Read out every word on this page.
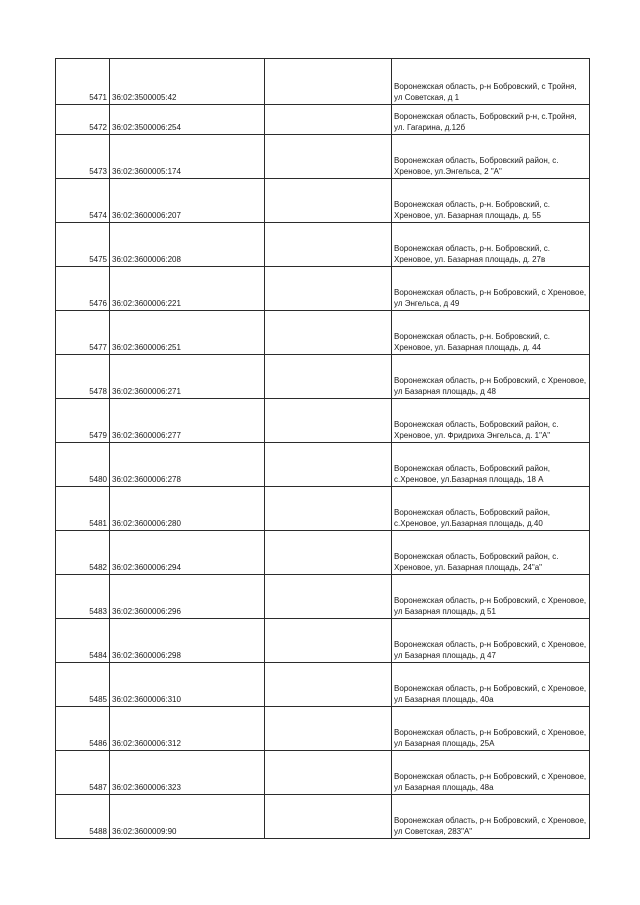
5471	36:02:3500005:42		Воронежская область, р-н Бобровский, с Тройня, ул Советская, д 1
5472	36:02:3500006:254		Воронежская область, Бобровский р-н, с.Тройня, ул. Гагарина, д.12б
5473	36:02:3600005:174		Воронежская область, Бобровский район, с. Хреновое, ул.Энгельса, 2 "А"
5474	36:02:3600006:207		Воронежская область, р-н. Бобровский, с. Хреновое, ул. Базарная площадь, д. 55
5475	36:02:3600006:208		Воронежская область, р-н. Бобровский, с. Хреновое, ул. Базарная площадь, д. 27в
5476	36:02:3600006:221		Воронежская область, р-н Бобровский, с Хреновое, ул Энгельса, д 49
5477	36:02:3600006:251		Воронежская область, р-н. Бобровский, с. Хреновое, ул. Базарная площадь, д. 44
5478	36:02:3600006:271		Воронежская область, р-н Бобровский, с Хреновое, ул Базарная площадь, д 48
5479	36:02:3600006:277		Воронежская область, Бобровский район, с. Хреновое, ул. Фридриха Энгельса, д. 1"А"
5480	36:02:3600006:278		Воронежская область, Бобровский район, с.Хреновое, ул.Базарная площадь, 18 А
5481	36:02:3600006:280		Воронежская область, Бобровский район, с.Хреновое, ул.Базарная площадь, д.40
5482	36:02:3600006:294		Воронежская область, Бобровский район, с. Хреновое, ул. Базарная площадь, 24"а"
5483	36:02:3600006:296		Воронежская область, р-н Бобровский, с Хреновое, ул Базарная площадь, д 51
5484	36:02:3600006:298		Воронежская область, р-н Бобровский, с Хреновое, ул Базарная площадь, д 47
5485	36:02:3600006:310		Воронежская область, р-н Бобровский, с Хреновое, ул Базарная площадь, 40а
5486	36:02:3600006:312		Воронежская область, р-н Бобровский, с Хреновое, ул Базарная площадь, 25А
5487	36:02:3600006:323		Воронежская область, р-н Бобровский, с Хреновое, ул Базарная площадь, 48а
5488	36:02:3600009:90		Воронежская область, р-н Бобровский, с Хреновое, ул Советская, 283"А"
